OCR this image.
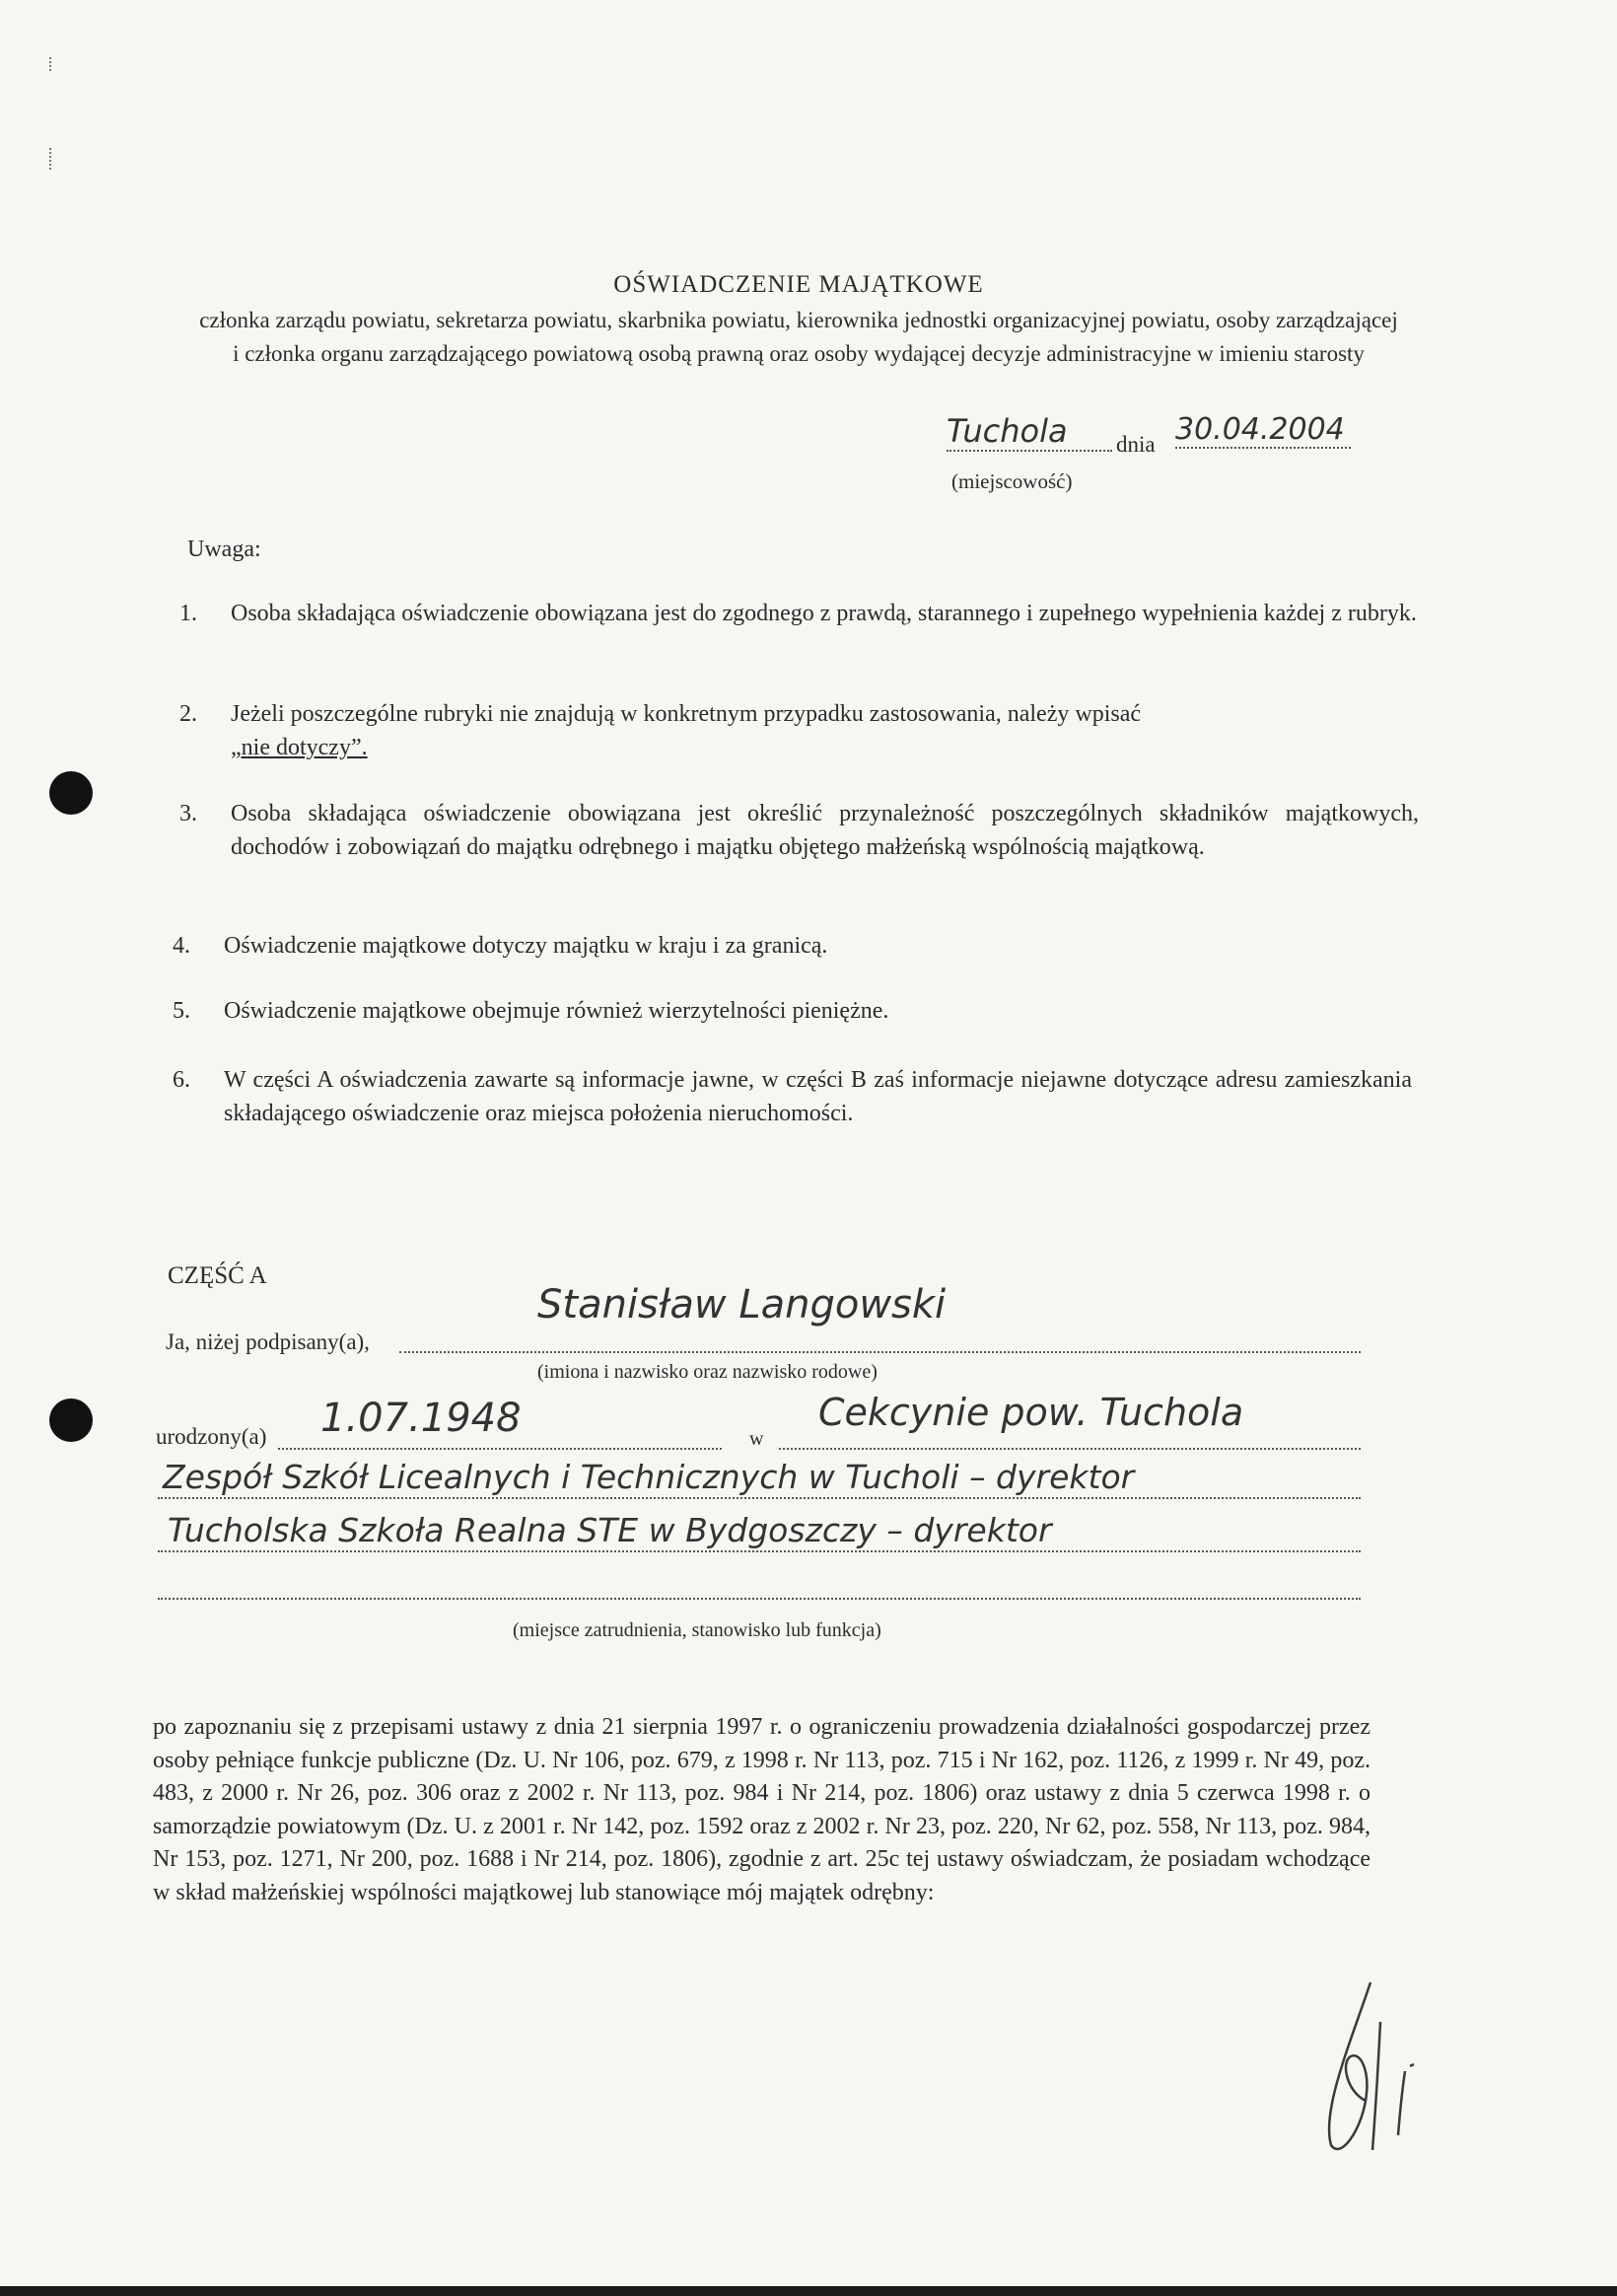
OŚWIADCZENIE MAJĄTKOWE
członka zarządu powiatu, sekretarza powiatu, skarbnika powiatu, kierownika jednostki organizacyjnej powiatu, osoby zarządzającej i członka organu zarządzającego powiatową osobą prawną oraz osoby wydającej decyzje administracyjne w imieniu starosty
Tuchola	dnia 30.04.2004
(miejscowość)
Uwaga:
1. Osoba składająca oświadczenie obowiązana jest do zgodnego z prawdą, starannego i zupełnego wypełnienia każdej z rubryk.
2. Jeżeli poszczególne rubryki nie znajdują w konkretnym przypadku zastosowania, należy wpisać
„nie dotyczy”.
3. Osoba składająca oświadczenie obowiązana jest określić przynależność poszczególnych składników majątkowych, dochodów i zobowiązań do majątku odrębnego i majątku objętego małżeńską wspólnością majątkową.
4. Oświadczenie majątkowe dotyczy majątku w kraju i za granicą.
5. Oświadczenie majątkowe obejmuje również wierzytelności pieniężne.
6. W części A oświadczenia zawarte są informacje jawne, w części B zaś informacje niejawne dotyczące adresu zamieszkania składającego oświadczenie oraz miejsca położenia nieruchomości.
CZĘŚĆ A
Ja, niżej podpisany(a),
Stanisław Langowski
(imiona i nazwisko oraz nazwisko rodowe)
urodzony(a) 1.07.1948	w
Cekcynie pow. Tuchola
Zespół Szkół Licealnych i Technicznych w Tucholi – dyrektor
Tucholska Szkoła Realna STE w Bydgoszczy – dyrektor
(miejsce zatrudnienia, stanowisko lub funkcja)
po zapoznaniu się z przepisami ustawy z dnia 21 sierpnia 1997 r. o ograniczeniu prowadzenia działalności gospodarczej przez osoby pełniące funkcje publiczne (Dz. U. Nr 106, poz. 679, z 1998 r. Nr 113, poz. 715 i Nr 162, poz. 1126, z 1999 r. Nr 49, poz. 483, z 2000 r. Nr 26, poz. 306 oraz z 2002 r. Nr 113, poz. 984 i Nr 214, poz. 1806) oraz ustawy z dnia 5 czerwca 1998 r. o samorządzie powiatowym (Dz. U. z 2001 r. Nr 142, poz. 1592 oraz z 2002 r. Nr 23, poz. 220, Nr 62, poz. 558, Nr 113, poz. 984, Nr 153, poz. 1271, Nr 200, poz. 1688 i Nr 214, poz. 1806), zgodnie z art. 25c tej ustawy oświadczam, że posiadam wchodzące w skład małżeńskiej wspólności majątkowej lub stanowiące mój majątek odrębny:
